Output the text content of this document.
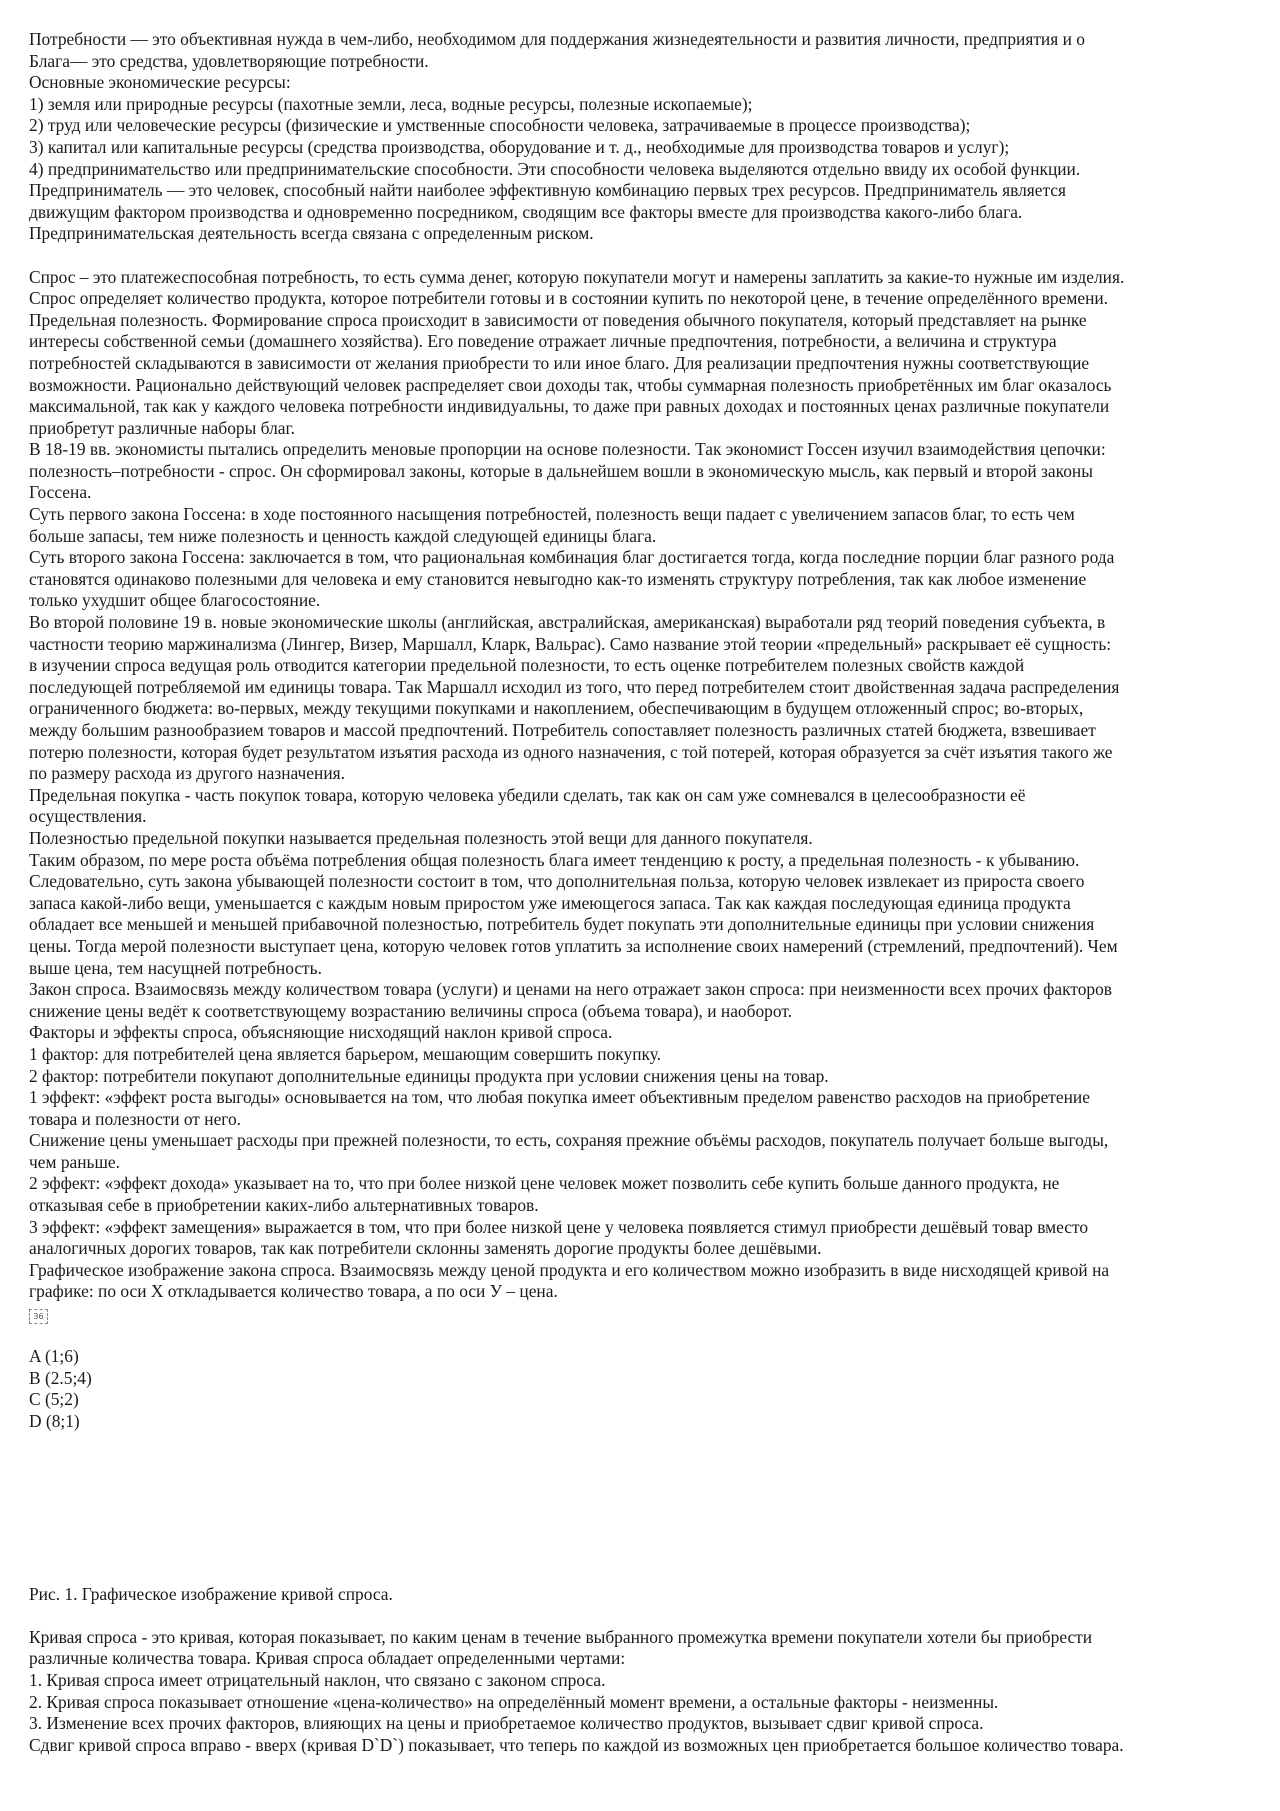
Потребности — это объективная нужда в чем-либо, необходимом для поддержания жизнедеятельности и развития личности, предприятия и о
Блага— это средства, удовлетворяющие потребности.
Основные экономические ресурсы:
1) земля или природные ресурсы (пахотные земли, леса, водные ресурсы, полезные ископаемые);
2) труд или человеческие ресурсы (физические и умственные способности человека, затрачиваемые в процессе производства);
3) капитал или капитальные ресурсы (средства производства, оборудование и т. д., необходимые для производства товаров и услуг);
4) предпринимательство или предпринимательские способности. Эти способности человека выделяются отдельно ввиду их особой функции.
Предприниматель — это человек, способный найти наиболее эффективную комбинацию первых трех ресурсов. Предприниматель является
движущим фактором производства и одновременно посредником, сводящим все факторы вместе для производства какого-либо блага.
Предпринимательская деятельность всегда связана с определенным риском.
Спрос – это платежеспособная потребность, то есть сумма денег, которую покупатели могут и намерены заплатить за какие-то нужные им изделия.
Спрос определяет количество продукта, которое потребители готовы и в состоянии купить по некоторой цене, в течение определённого времени.
Предельная полезность. Формирование спроса происходит в зависимости от поведения обычного покупателя, который представляет на рынке
интересы собственной семьи (домашнего хозяйства). Его поведение отражает личные предпочтения, потребности, а величина и структура
потребностей складываются в зависимости от желания приобрести то или иное благо. Для реализации предпочтения нужны соответствующие
возможности. Рационально действующий человек распределяет свои доходы так, чтобы суммарная полезность приобретённых им благ оказалось
максимальной, так как у каждого человека потребности индивидуальны, то даже при равных доходах и постоянных ценах различные покупатели
приобретут различные наборы благ.
В 18-19 вв. экономисты пытались определить меновые пропорции на основе полезности. Так экономист Госсен изучил взаимодействия цепочки:
полезность–потребности - спрос. Он сформировал законы, которые в дальнейшем вошли в экономическую мысль, как первый и второй законы
Госсена.
Суть первого закона Госсена: в ходе постоянного насыщения потребностей, полезность вещи падает с увеличением запасов благ, то есть чем
больше запасы, тем ниже полезность и ценность каждой следующей единицы блага.
Суть второго закона Госсена: заключается в том, что рациональная комбинация благ достигается тогда, когда последние порции благ разного рода
становятся одинаково полезными для человека и ему становится невыгодно как-то изменять структуру потребления, так как любое изменение
только ухудшит общее благосостояние.
Во второй половине 19 в. новые экономические школы (английская, австралийская, американская) выработали ряд теорий поведения субъекта, в
частности теорию маржинализма (Лингер, Визер, Маршалл, Кларк, Вальрас). Само название этой теории «предельный» раскрывает её сущность:
в изучении спроса ведущая роль отводится категории предельной полезности, то есть оценке потребителем полезных свойств каждой
последующей потребляемой им единицы товара. Так Маршалл исходил из того, что перед потребителем стоит двойственная задача распределения
ограниченного бюджета: во-первых, между текущими покупками и накоплением, обеспечивающим в будущем отложенный спрос; во-вторых,
между большим разнообразием товаров и массой предпочтений. Потребитель сопоставляет полезность различных статей бюджета, взвешивает
потерю полезности, которая будет результатом изъятия расхода из одного назначения, с той потерей, которая образуется за счёт изъятия такого же
по размеру расхода из другого назначения.
Предельная покупка - часть покупок товара, которую человека убедили сделать, так как он сам уже сомневался в целесообразности её
осуществления.
Полезностью предельной покупки называется предельная полезность этой вещи для данного покупателя.
Таким образом, по мере роста объёма потребления общая полезность блага имеет тенденцию к росту, а предельная полезность - к убыванию.
Следовательно, суть закона убывающей полезности состоит в том, что дополнительная польза, которую человек извлекает из прироста своего
запаса какой-либо вещи, уменьшается с каждым новым приростом уже имеющегося запаса. Так как каждая последующая единица продукта
обладает все меньшей и меньшей прибавочной полезностью, потребитель будет покупать эти дополнительные единицы при условии снижения
цены. Тогда мерой полезности выступает цена, которую человек готов уплатить за исполнение своих намерений (стремлений, предпочтений). Чем
выше цена, тем насущней потребность.
Закон спроса. Взаимосвязь между количеством товара (услуги) и ценами на него отражает закон спроса: при неизменности всех прочих факторов
снижение цены ведёт к соответствующему возрастанию величины спроса (объема товара), и наоборот.
Факторы и эффекты спроса, объясняющие нисходящий наклон кривой спроса.
1 фактор: для потребителей цена является барьером, мешающим совершить покупку.
2 фактор: потребители покупают дополнительные единицы продукта при условии снижения цены на товар.
1 эффект: «эффект роста выгоды» основывается на том, что любая покупка имеет объективным пределом равенство расходов на приобретение
товара и полезности от него.
Снижение цены уменьшает расходы при прежней полезности, то есть, сохраняя прежние объёмы расходов, покупатель получает больше выгоды,
чем раньше.
2 эффект: «эффект дохода» указывает на то, что при более низкой цене человек может позволить себе купить больше данного продукта, не
отказывая себе в приобретении каких-либо альтернативных товаров.
3 эффект: «эффект замещения» выражается в том, что при более низкой цене у человека появляется стимул приобрести дешёвый товар вместо
аналогичных дорогих товаров, так как потребители склонны заменять дорогие продукты более дешёвыми.
Графическое изображение закона спроса. Взаимосвязь между ценой продукта и его количеством можно изобразить в виде нисходящей кривой на
графике: по оси Х откладывается количество товара, а по оси У – цена.
36
A (1;6)
B (2.5;4)
C (5;2)
D (8;1)
Рис. 1. Графическое изображение кривой спроса.
Кривая спроса - это кривая, которая показывает, по каким ценам в течение выбранного промежутка времени покупатели хотели бы приобрести
различные количества товара. Кривая спроса обладает определенными чертами:
1. Кривая спроса имеет отрицательный наклон, что связано с законом спроса.
2. Кривая спроса показывает отношение «цена-количество» на определённый момент времени, а остальные факторы - неизменны.
3. Изменение всех прочих факторов, влияющих на цены и приобретаемое количество продуктов, вызывает сдвиг кривой спроса.
Сдвиг кривой спроса вправо - вверх (кривая D`D`) показывает, что теперь по каждой из возможных цен приобретается большое количество товара.
